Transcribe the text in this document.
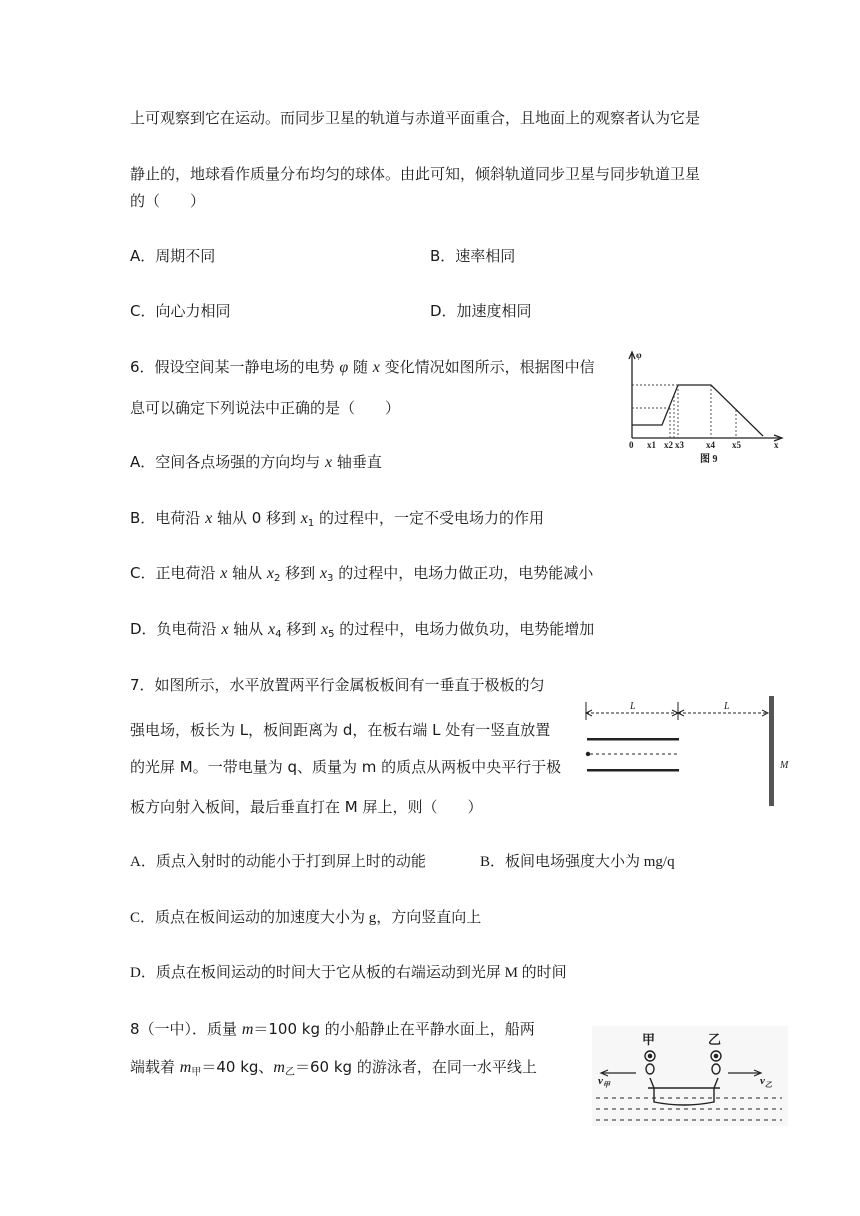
上可观察到它在运动。而同步卫星的轨道与赤道平面重合，且地面上的观察者认为它是
静止的，地球看作质量分布均匀的球体。由此可知，倾斜轨道同步卫星与同步轨道卫星
的（　　）
A．周期不同	B．速率相同
C．向心力相同	D．加速度相同
6．假设空间某一静电场的电势 φ 随 x 变化情况如图所示，根据图中信
息可以确定下列说法中正确的是（　　）
0 x1 x2 x3 x4 x5	x
φ
图 9
A．空间各点场强的方向均与 x 轴垂直
B．电荷沿 x 轴从 0 移到 $x_1$ 的过程中，一定不受电场力的作用
C．正电荷沿 x 轴从 $x_2$ 移到 $x_3$ 的过程中，电场力做正功，电势能减小
D．负电荷沿 x 轴从 $x_4$ 移到 $x_5$ 的过程中，电场力做负功，电势能增加
7．如图所示，水平放置两平行金属板板间有一垂直于极板的匀
强电场，板长为 L，板间距离为 d，在板右端 L 处有一竖直放置
的光屏 M。一带电量为 q、质量为 m 的质点从两板中央平行于极
板方向射入板间，最后垂直打在 M 屏上，则（　　）
L	L
M
A．质点入射时的动能小于打到屏上时的动能	B．板间电场强度大小为 mg/q
C．质点在板间运动的加速度大小为 g，方向竖直向上
D．质点在板间运动的时间大于它从板的右端运动到光屏 M 的时间
8（一中）．质量 m＝100 kg 的小船静止在平静水面上，船两
端载着 $m_甲=40$ kg、$m_乙=60$ kg 的游泳者，在同一水平线上
甲	乙
$v_甲$	$v_乙$
